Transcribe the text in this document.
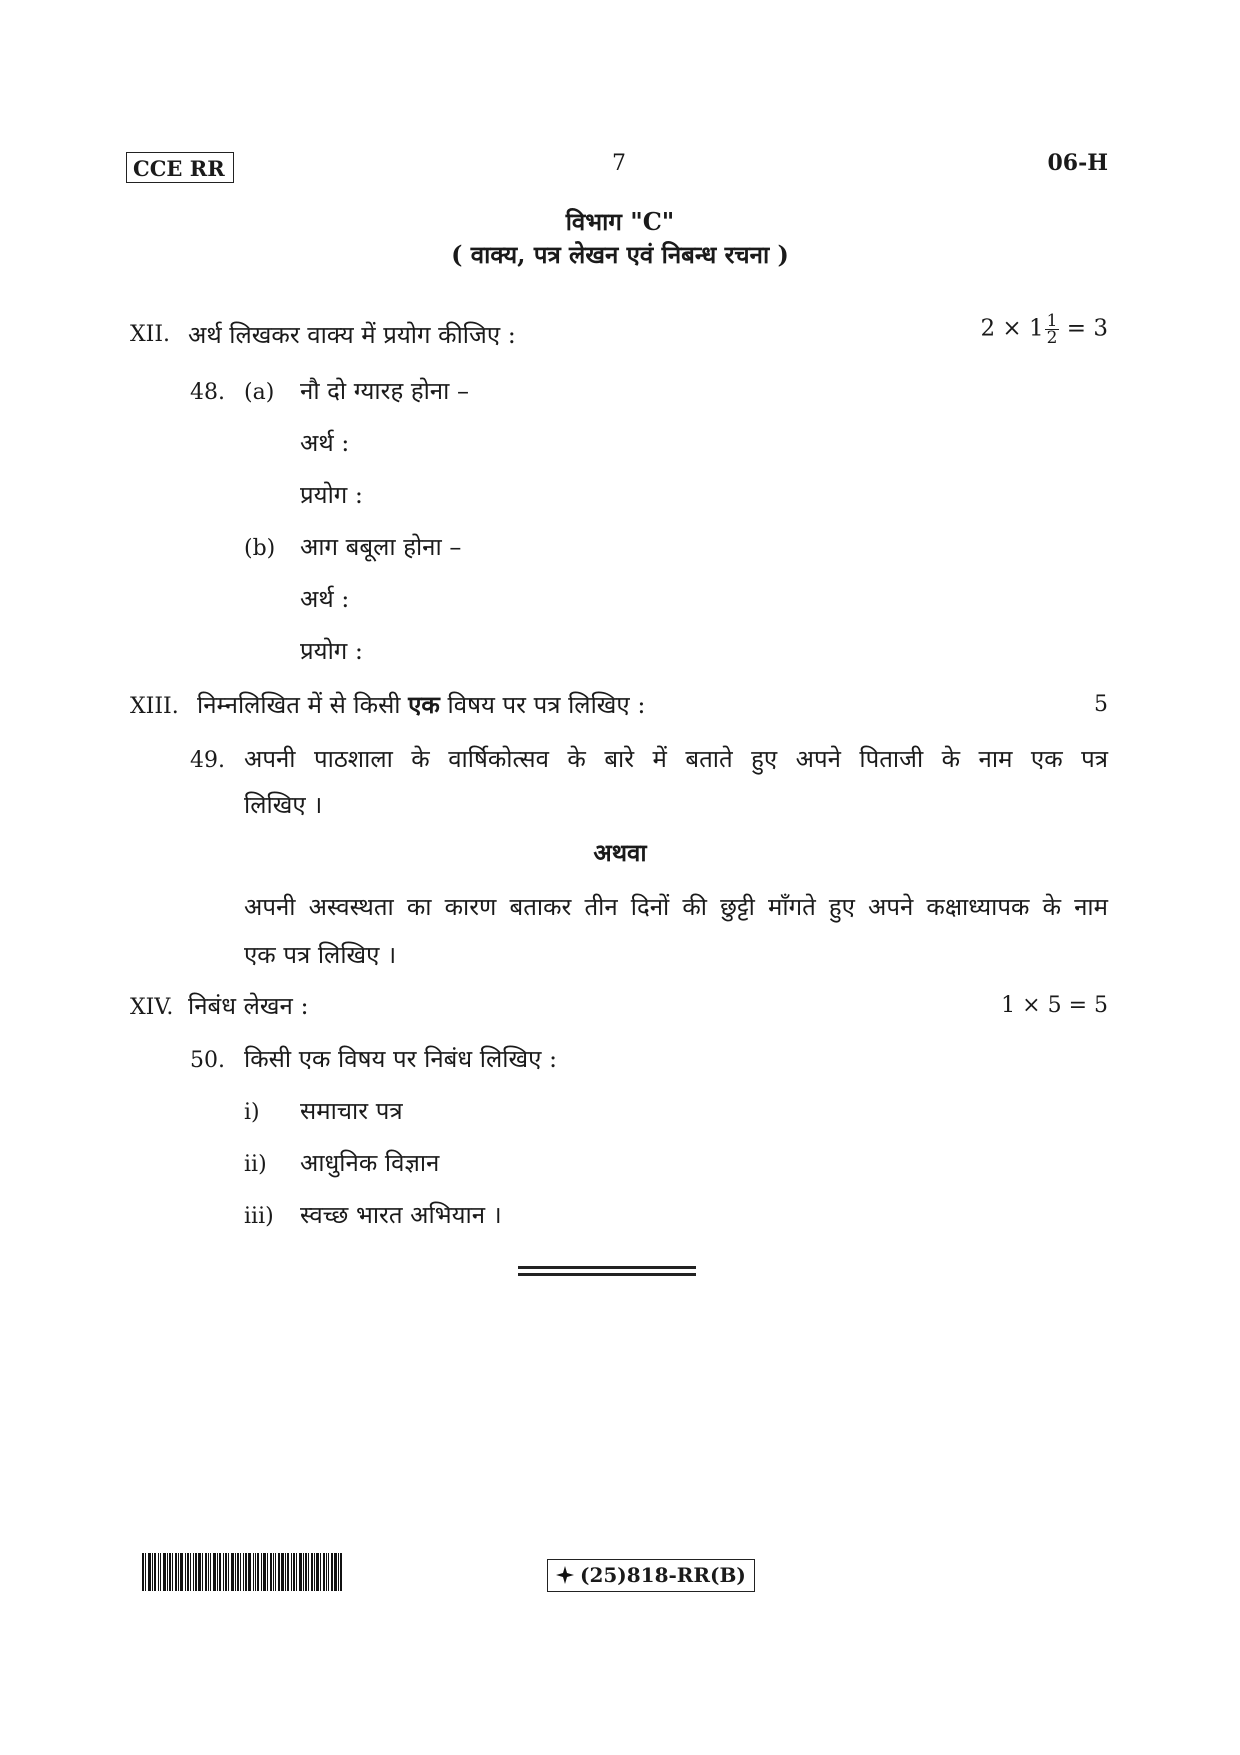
CCE RR	7	06-H
विभाग "C"
( वाक्य, पत्र लेखन एवं निबन्ध रचना )
XII. अर्थ लिखकर वाक्य में प्रयोग कीजिए :	$2 \times 1 \frac{1}{2} = 3$
48. (a) नौ दो ग्यारह होना –
अर्थ :
प्रयोग :
(b) आग बबूला होना –
अर्थ :
प्रयोग :
XIII. निम्नलिखित में से किसी एक विषय पर पत्र लिखिए :	5
49. अपनी पाठशाला के वार्षिकोत्सव के बारे में बताते हुए अपने पिताजी के नाम एक पत्र
लिखिए ।
अथवा
अपनी अस्वस्थता का कारण बताकर तीन दिनों की छुट्टी माँगते हुए अपने कक्षाध्यापक के नाम
एक पत्र लिखिए ।
XIV. निबंध लेखन :	1 × 5 = 5
50. किसी एक विषय पर निबंध लिखिए :
i) समाचार पत्र
ii) आधुनिक विज्ञान
iii) स्वच्छ भारत अभियान ।
(25)818-RR(B)
